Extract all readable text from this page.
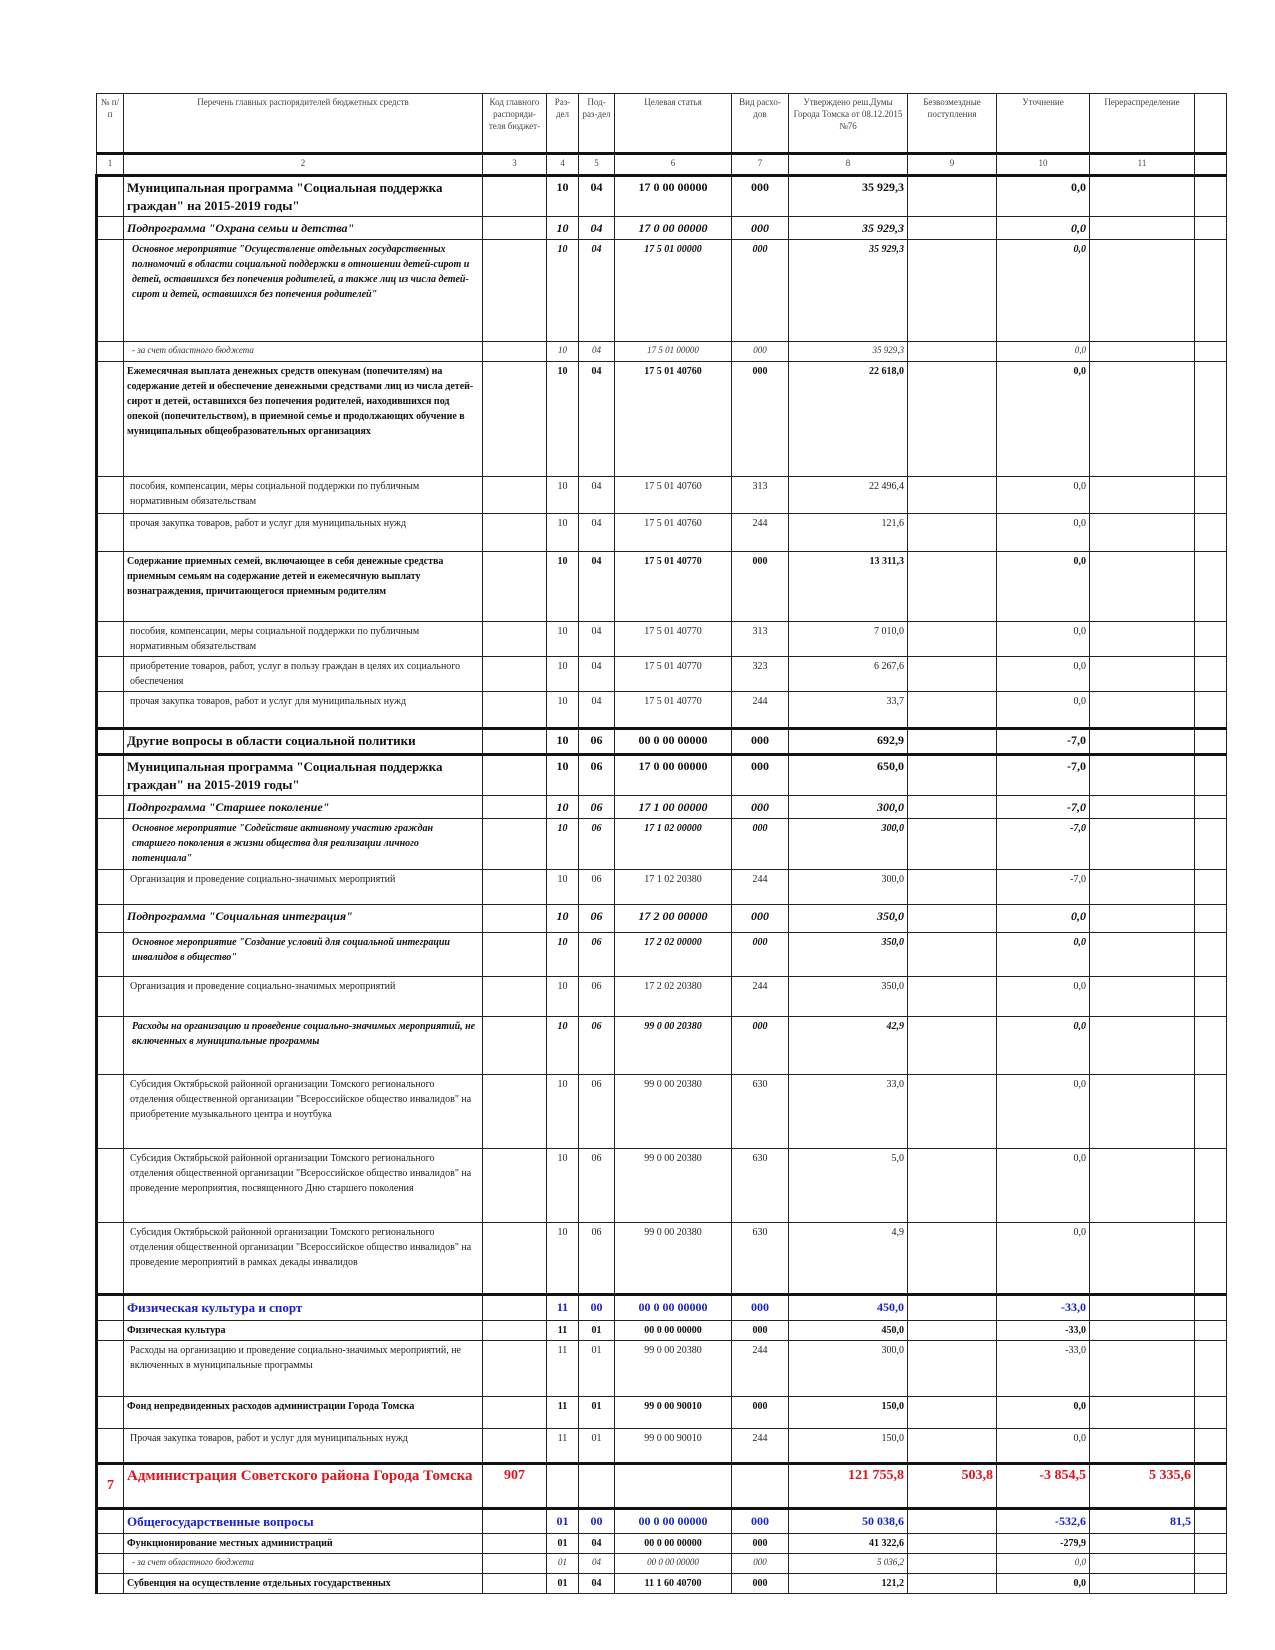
№ п/п	Перечень главных распорядителей бюджетных средств	Код главного распоряди-теля бюджет-	Раз-дел	Под-раз-дел	Целевая статья	Вид расхо-дов	Утверждено реш.Думы Города Томска от 08.12.2015 №76	Безвозмездные поступления	Уточнение	Перераспределение	
1	2	3	4	5	6	7	8	9	10	11	
	Муниципальная программа "Социальная поддержка граждан" на 2015-2019 годы"		10	04	17 0 00 00000	000	35 929,3		0,0		
	Подпрограмма "Охрана семьи и детства"		10	04	17 0 00 00000	000	35 929,3		0,0		
	Основное мероприятие "Осуществление отдельных государственных полномочий в области социальной поддержки в отношении детей-сирот и детей, оставшихся без попечения родителей, а также лиц из числа детей-сирот и детей, оставшихся без попечения родителей"		10	04	17 5 01 00000	000	35 929,3		0,0		
	- за счет областного бюджета		10	04	17 5 01 00000	000	35 929,3		0,0		
	Ежемесячная выплата денежных средств опекунам (попечителям) на содержание детей и обеспечение денежными средствами лиц из числа детей-сирот и детей, оставшихся без попечения родителей, находившихся под опекой (попечительством), в приемной семье и продолжающих обучение в муниципальных общеобразовательных организациях		10	04	17 5 01 40760	000	22 618,0		0,0		
	пособия, компенсации, меры социальной поддержки по публичным нормативным обязательствам		10	04	17 5 01 40760	313	22 496,4		0,0		
	прочая закупка товаров, работ и услуг для муниципальных нужд		10	04	17 5 01 40760	244	121,6		0,0		
	Содержание приемных семей, включающее в себя денежные средства приемным семьям на содержание детей и ежемесячную выплату вознаграждения, причитающегося приемным родителям		10	04	17 5 01 40770	000	13 311,3		0,0		
	пособия, компенсации, меры социальной поддержки по публичным нормативным обязательствам		10	04	17 5 01 40770	313	7 010,0		0,0		
	приобретение товаров, работ, услуг в пользу граждан в целях их социального обеспечения		10	04	17 5 01 40770	323	6 267,6		0,0		
	прочая закупка товаров, работ и услуг для муниципальных нужд		10	04	17 5 01 40770	244	33,7		0,0		
	Другие вопросы в области социальной политики		10	06	00 0 00 00000	000	692,9		-7,0		
	Муниципальная программа "Социальная поддержка граждан" на 2015-2019 годы"		10	06	17 0 00 00000	000	650,0		-7,0		
	Подпрограмма "Старшее поколение"		10	06	17 1 00 00000	000	300,0		-7,0		
	Основное мероприятие "Содействие активному участию граждан старшего поколения в жизни общества для реализации личного потенциала"		10	06	17 1 02 00000	000	300,0		-7,0		
	Организация и проведение социально-значимых мероприятий		10	06	17 1 02 20380	244	300,0		-7,0		
	Подпрограмма "Социальная интеграция"		10	06	17 2 00 00000	000	350,0		0,0		
	Основное мероприятие "Создание условий для социальной интеграции инвалидов в общество"		10	06	17 2 02 00000	000	350,0		0,0		
	Организация и проведение социально-значимых мероприятий		10	06	17 2 02 20380	244	350,0		0,0		
	Расходы на организацию и проведение социально-значимых мероприятий, не включенных в муниципальные программы		10	06	99 0 00 20380	000	42,9		0,0		
	Субсидия Октябрьской районной организации Томского регионального отделения общественной организации "Всероссийское общество инвалидов" на приобретение музыкального центра и ноутбука		10	06	99 0 00 20380	630	33,0		0,0		
	Субсидия Октябрьской районной организации Томского регионального отделения общественной организации "Всероссийское общество инвалидов" на проведение мероприятия, посвященного Дню старшего поколения		10	06	99 0 00 20380	630	5,0		0,0		
	Субсидия Октябрьской районной организации Томского регионального отделения общественной организации "Всероссийское общество инвалидов" на проведение мероприятий в рамках декады инвалидов		10	06	99 0 00 20380	630	4,9		0,0		
	Физическая культура и спорт		11	00	00 0 00 00000	000	450,0		-33,0		
	Физическая культура		11	01	00 0 00 00000	000	450,0		-33,0		
	Расходы на организацию и проведение социально-значимых мероприятий, не включенных в муниципальные программы		11	01	99 0 00 20380	244	300,0		-33,0		
	Фонд непредвиденных расходов администрации Города Томска		11	01	99 0 00 90010	000	150,0		0,0		
	Прочая закупка товаров, работ и услуг для муниципальных нужд		11	01	99 0 00 90010	244	150,0		0,0		
7	Администрация Советского района Города Томска	907					121 755,8	503,8	-3 854,5	5 335,6	
	Общегосударственные вопросы		01	00	00 0 00 00000	000	50 038,6		-532,6	81,5	
	Функционирование местных администраций		01	04	00 0 00 00000	000	41 322,6		-279,9		
	- за счет областного бюджета		01	04	00 0 00 00000	000	5 036,2		0,0		
	Субвенция на осуществление отдельных государственных		01	04	11 1 60 40700	000	121,2		0,0		
